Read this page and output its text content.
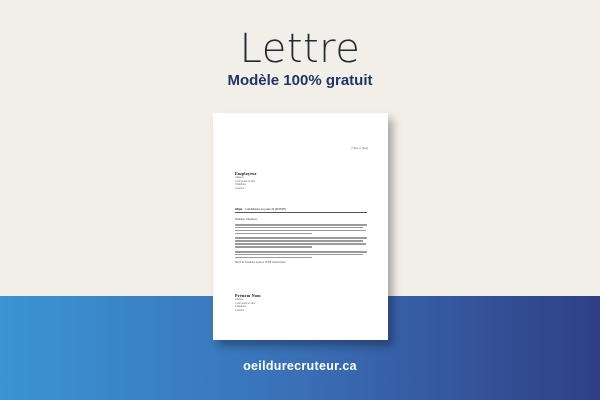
Lettre
Modèle 100% gratuit
[Ville], le [date]
Employeur
Adresse
Code postal et ville
Téléphone
Courriel
Objet – Candidature au poste de [POSTE]
Madame, Monsieur,
Merci de l'attention portée à l'UNE du Recruteur.
Prénom Nom
Adresse
Code postal et ville
Téléphone
Courriel
oeildurecruteur.ca
